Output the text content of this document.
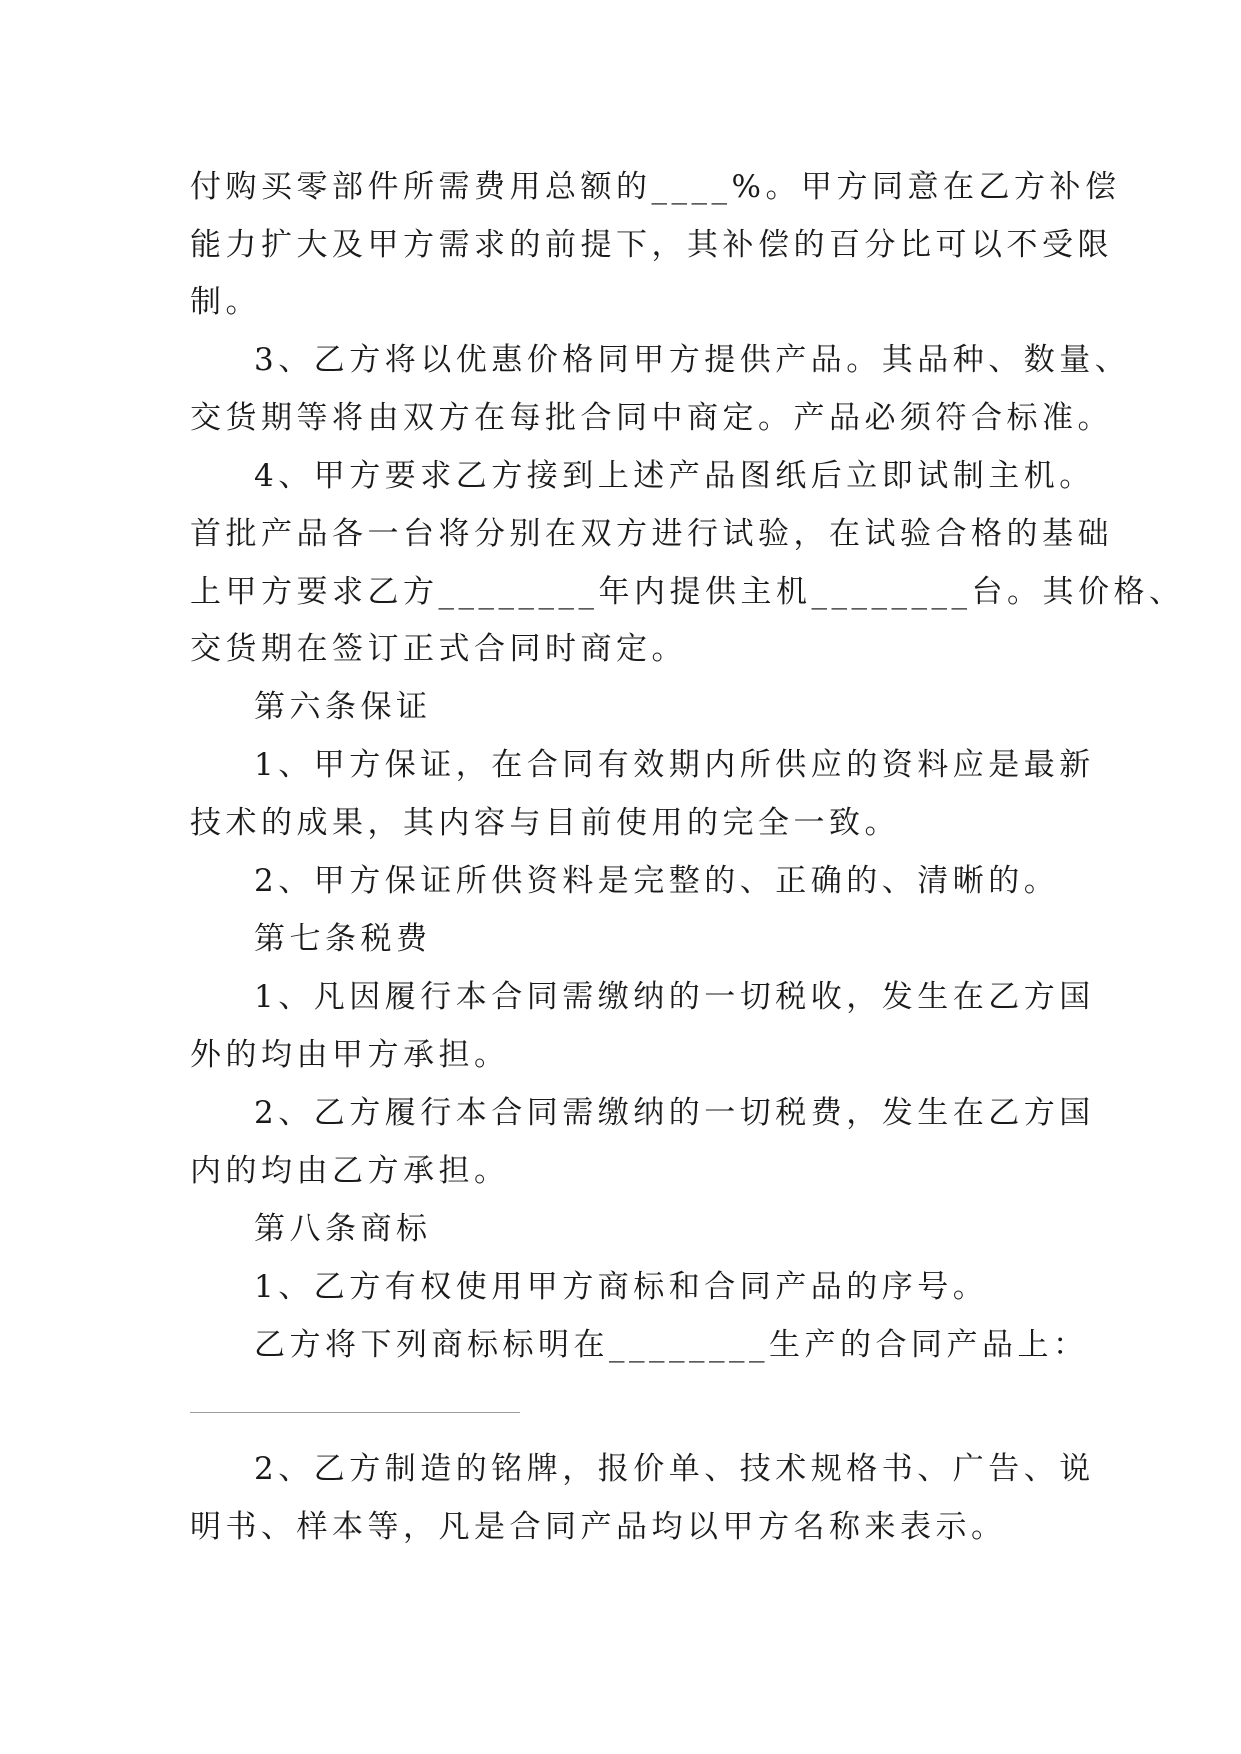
付购买零部件所需费用总额的____%。甲方同意在乙方补偿
能力扩大及甲方需求的前提下，其补偿的百分比可以不受限
制。
3、乙方将以优惠价格同甲方提供产品。其品种、数量、
交货期等将由双方在每批合同中商定。产品必须符合标准。
4、甲方要求乙方接到上述产品图纸后立即试制主机。
首批产品各一台将分别在双方进行试验，在试验合格的基础
上甲方要求乙方________年内提供主机________台。其价格、
交货期在签订正式合同时商定。
第六条保证
1、甲方保证，在合同有效期内所供应的资料应是最新
技术的成果，其内容与目前使用的完全一致。
2、甲方保证所供资料是完整的、正确的、清晰的。
第七条税费
1、凡因履行本合同需缴纳的一切税收，发生在乙方国
外的均由甲方承担。
2、乙方履行本合同需缴纳的一切税费，发生在乙方国
内的均由乙方承担。
第八条商标
1、乙方有权使用甲方商标和合同产品的序号。
乙方将下列商标标明在________生产的合同产品上：
2、乙方制造的铭牌，报价单、技术规格书、广告、说
明书、样本等，凡是合同产品均以甲方名称来表示。
